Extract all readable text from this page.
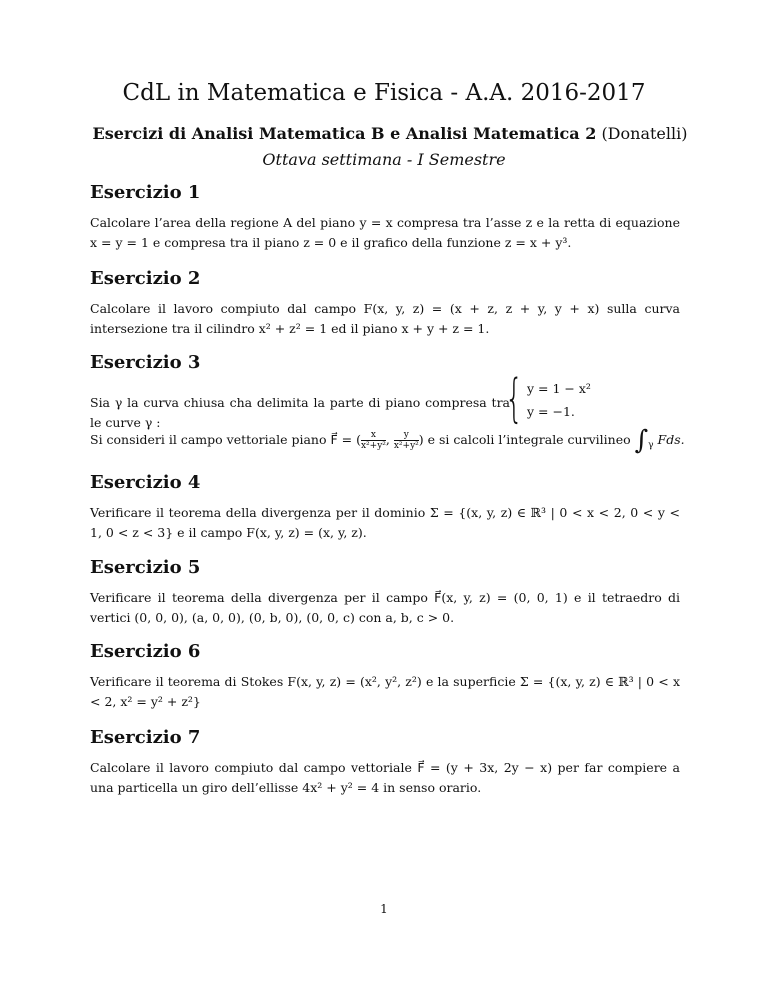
CdL in Matematica e Fisica - A.A. 2016-2017
Esercizi di Analisi Matematica B e Analisi Matematica 2 (Donatelli)
Ottava settimana - I Semestre
Esercizio 1
Calcolare l’area della regione A del piano y = x compresa tra l’asse z e la retta di equazione x = y = 1 e compresa tra il piano z = 0 e il grafico della funzione z = x + y³.
Esercizio 2
Calcolare il lavoro compiuto dal campo F(x, y, z) = (x + z, z + y, y + x) sulla curva intersezione tra il cilindro x² + z² = 1 ed il piano x + y + z = 1.
Esercizio 3
Sia γ la curva chiusa cha delimita la parte di piano compresa tra le curve γ :	{ y = 1 − x²
y = −1.
Si consideri il campo vettoriale piano F⃗ = ( $\frac{x}{\text{x²+y²}}$ , $\frac{y}{\text{x²+y²}}$ ) e si calcoli l’integrale curvilineo $\int_\gamma$ Fds.
Esercizio 4
Verificare il teorema della divergenza per il dominio Σ = {(x, y, z) ∈ ℝ³ | 0 < x < 2, 0 < y < 1, 0 < z < 3} e il campo F(x, y, z) = (x, y, z).
Esercizio 5
Verificare il teorema della divergenza per il campo F⃗(x, y, z) = (0, 0, 1) e il tetraedro di vertici (0, 0, 0), (a, 0, 0), (0, b, 0), (0, 0, c) con a, b, c > 0.
Esercizio 6
Verificare il teorema di Stokes F(x, y, z) = (x², y², z²) e la superficie Σ = {(x, y, z) ∈ ℝ³ | 0 < x < 2, x² = y² + z²}
Esercizio 7
Calcolare il lavoro compiuto dal campo vettoriale F⃗ = (y + 3x, 2y − x) per far compiere a una particella un giro dell’ellisse 4x² + y² = 4 in senso orario.
1
